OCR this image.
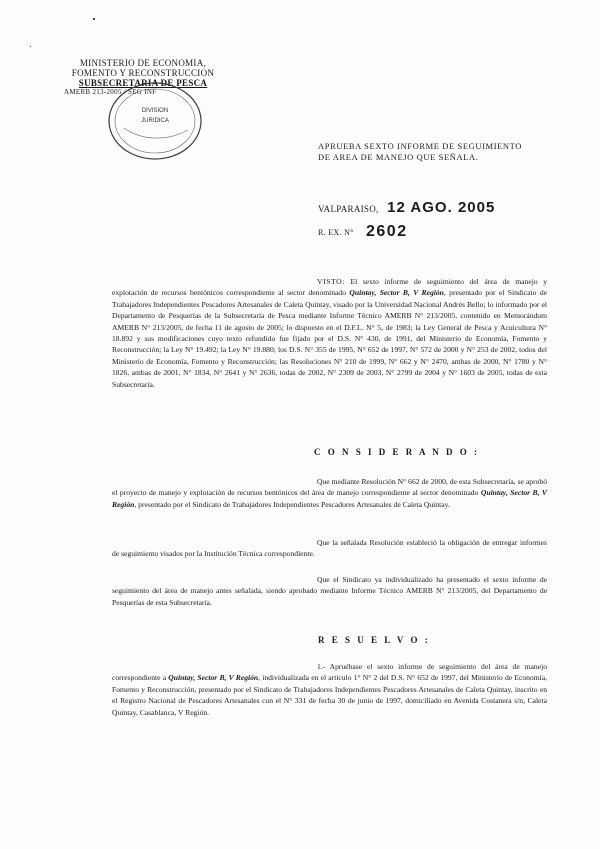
MINISTERIO DE ECONOMIA,
FOMENTO Y RECONSTRUCCION
SUBSECRETARIA DE PESCA
AMERB 213-2005 / SEG INF
DIVISION
JURIDICA
APRUEBA SEXTO INFORME DE SEGUIMIENTO
DE AREA DE MANEJO QUE SEÑALA.
VALPARAISO, 12 AGO. 2005
R. EX. N° 2602
VISTO: El sexto informe de seguimiento del área de manejo y explotación de recursos bentónicos correspondiente al sector denominado Quintay, Sector B, V Región, presentado por el Sindicato de Trabajadores Independientes Pescadores Artesanales de Caleta Quintay, visado por la Universidad Nacional Andrés Bello; lo informado por el Departamento de Pesquerías de la Subsecretaría de Pesca mediante Informe Técnico AMERB N° 213/2005, contenido en Memorándum AMERB N° 213/2005, de fecha 11 de agosto de 2005; lo dispuesto en el D.F.L. N° 5, de 1983; la Ley General de Pesca y Acuicultura N° 18.892 y sus modificaciones cuyo texto refundido fue fijado por el D.S. N° 430, de 1991, del Ministerio de Economía, Fomento y Reconstrucción; la Ley N° 19.492; la Ley N° 19.880; los D.S. N° 355 de 1995, N° 652 de 1997, N° 572 de 2000 y N° 253 de 2002, todos del Ministerio de Economía, Fomento y Reconstrucción; las Resoluciones N° 210 de 1999, N° 662 y N° 2470, ambas de 2000, N° 1780 y N° 1826, ambas de 2001, N° 1834, N° 2641 y N° 2636, todas de 2002, N° 2309 de 2003, N° 2799 de 2004 y N° 1603 de 2005, todas de esta Subsecretaría.
C O N S I D E R A N D O :
Que mediante Resolución N° 662 de 2000, de esta Subsecretaría, se aprobó el proyecto de manejo y explotación de recursos bentónicos del área de manejo correspondiente al sector denominado Quintay, Sector B, V Región, presentado por el Sindicato de Trabajadores Independientes Pescadores Artesanales de Caleta Quintay.
Que la señalada Resolución estableció la obligación de entregar informes de seguimiento visados por la Institución Técnica correspondiente.
Que el Sindicato ya individualizado ha presentado el sexto informe de seguimiento del área de manejo antes señalada, siendo aprobado mediante Informe Técnico AMERB N° 213/2005, del Departamento de Pesquerías de esta Subsecretaría.
R E S U E L V O :
1.- Apruébase el sexto informe de seguimiento del área de manejo correspondiente a Quintay, Sector B, V Región, individualizada en el artículo 1° N° 2 del D.S. N° 652 de 1997, del Ministerio de Economía, Fomento y Reconstrucción, presentado por el Sindicato de Trabajadores Independientes Pescadores Artesanales de Caleta Quintay, inscrito en el Registro Nacional de Pescadores Artesanales con el N° 331 de fecha 30 de junio de 1997, domiciliado en Avenida Costanera s/n, Caleta Quintay, Casablanca, V Región.
